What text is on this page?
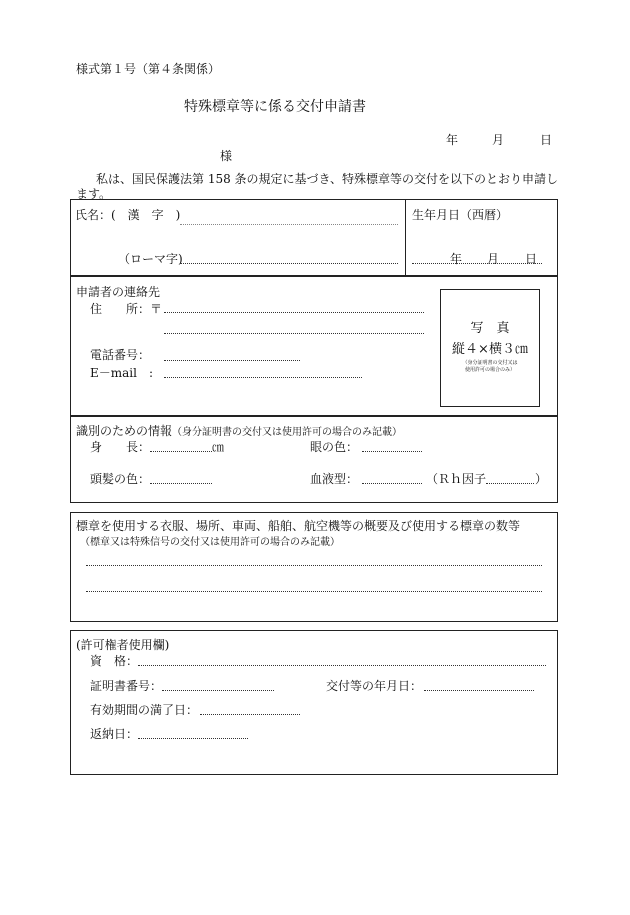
様式第１号（第４条関係）
特殊標章等に係る交付申請書
年	月	日
様
私は、国民保護法第 158 条の規定に基づき、特殊標章等の交付を以下のとおり申請し
ます。
氏名：(　漢　字　)
（ローマ字)
生年月日（西暦）
年 月 日
申請者の連絡先
住　　所：〒
電話番号：
E－mail　:
写　真
縦４×横３㎝
（身分証明書の交付又は
使用許可の場合のみ）
識別のための情報（身分証明書の交付又は使用許可の場合のみ記載）
身　　長：	㎝	眼の色：
頭髪の色：	血液型：	（Ｒｈ因子	）
標章を使用する衣服、場所、車両、船舶、航空機等の概要及び使用する標章の数等
（標章又は特殊信号の交付又は使用許可の場合のみ記載）
(許可権者使用欄)
資　格：
証明書番号：	交付等の年月日：
有効期間の満了日：
返納日：
